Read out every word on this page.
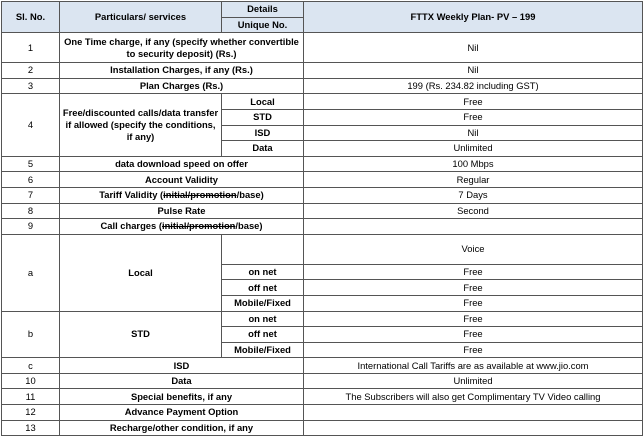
Sl. No.	Particulars/ services	Details	FTTX Weekly Plan- PV – 199
		Unique No.	
1	One Time charge, if any (specify whether convertible to security deposit) (Rs.)		Nil
2	Installation Charges, if any (Rs.)		Nil
3	Plan Charges (Rs.)		199 (Rs. 234.82 including GST)
4	Free/discounted calls/data transfer if allowed (specify the conditions, if any)	Local	Free
		STD	Free
		ISD	Nil
		Data	Unlimited
5	data download speed on offer		100 Mbps
6	Account Validity		Regular
7	Tariff Validity (initial/promotion/base)		7 Days
8	Pulse Rate		Second
9	Call charges (initial/promotion/base)		
a	Local		Voice
		on net	Free
		off net	Free
		Mobile/Fixed	Free
b	STD	on net	Free
		off net	Free
		Mobile/Fixed	Free
c	ISD		International Call Tariffs are as available at www.jio.com
10	Data		Unlimited
11	Special benefits, if any		The Subscribers will also get Complimentary TV Video calling
12	Advance Payment Option		
13	Recharge/other condition, if any		
